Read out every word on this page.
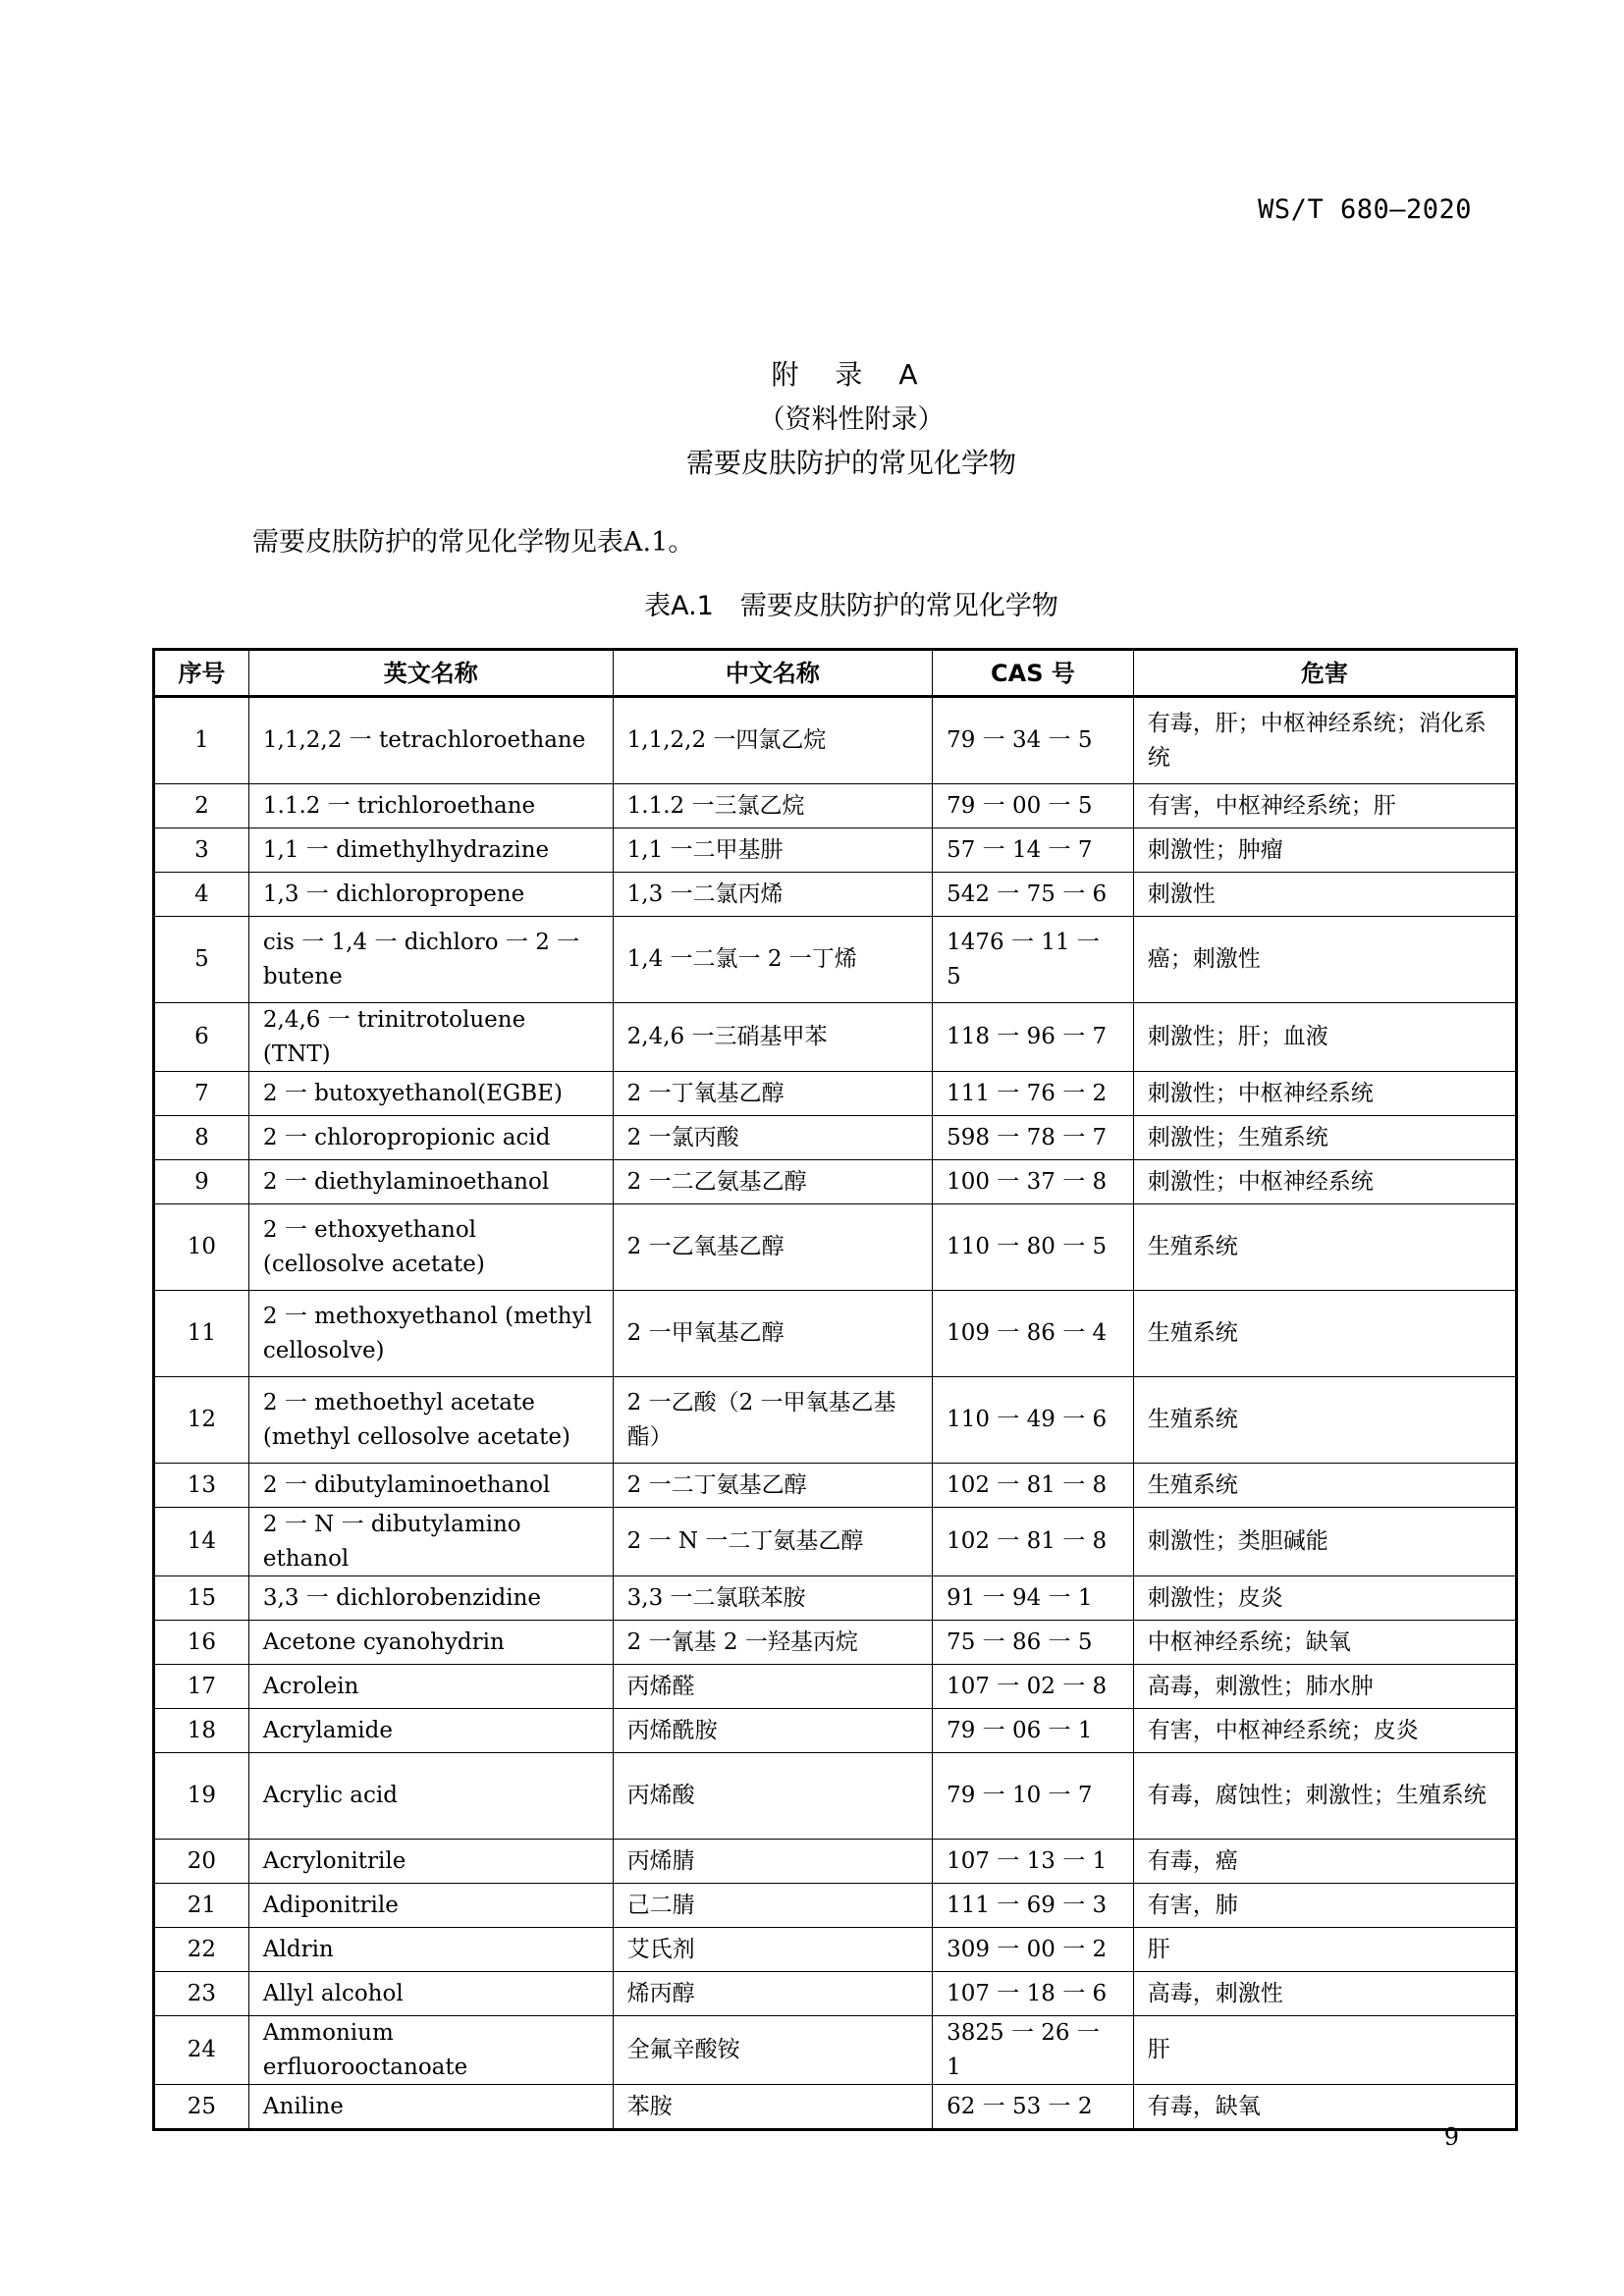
WS/T 680—2020
附 录 A
（资料性附录）
需要皮肤防护的常见化学物
需要皮肤防护的常见化学物见表A.1。
表A.1　需要皮肤防护的常见化学物
序号	英文名称	中文名称	CAS 号	危害
1	1,1,2,2 一 tetrachloroethane	1,1,2,2 一四氯乙烷	79 一 34 一 5	有毒，肝；中枢神经系统；消化系统
2	1.1.2 一 trichloroethane	1.1.2 一三氯乙烷	79 一 00 一 5	有害，中枢神经系统；肝
3	1,1 一 dimethylhydrazine	1,1 一二甲基肼	57 一 14 一 7	刺激性；肿瘤
4	1,3 一 dichloropropene	1,3 一二氯丙烯	542 一 75 一 6	刺激性
5	cis 一 1,4 一 dichloro 一 2 一 butene	1,4 一二氯一 2 一丁烯	1476 一 11 一 5	癌；刺激性
6	2,4,6 一 trinitrotoluene (TNT)	2,4,6 一三硝基甲苯	118 一 96 一 7	刺激性；肝；血液
7	2 一 butoxyethanol(EGBE)	2 一丁氧基乙醇	111 一 76 一 2	刺激性；中枢神经系统
8	2 一 chloropropionic acid	2 一氯丙酸	598 一 78 一 7	刺激性；生殖系统
9	2 一 diethylaminoethanol	2 一二乙氨基乙醇	100 一 37 一 8	刺激性；中枢神经系统
10	2 一 ethoxyethanol (cellosolve acetate)	2 一乙氧基乙醇	110 一 80 一 5	生殖系统
11	2 一 methoxyethanol (methyl cellosolve)	2 一甲氧基乙醇	109 一 86 一 4	生殖系统
12	2 一 methoethyl acetate (methyl cellosolve acetate)	2 一乙酸（2 一甲氧基乙基酯）	110 一 49 一 6	生殖系统
13	2 一 dibutylaminoethanol	2 一二丁氨基乙醇	102 一 81 一 8	生殖系统
14	2 一 N 一 dibutylamino ethanol	2 一 N 一二丁氨基乙醇	102 一 81 一 8	刺激性；类胆碱能
15	3,3 一 dichlorobenzidine	3,3 一二氯联苯胺	91 一 94 一 1	刺激性；皮炎
16	Acetone cyanohydrin	2 一氰基 2 一羟基丙烷	75 一 86 一 5	中枢神经系统；缺氧
17	Acrolein	丙烯醛	107 一 02 一 8	高毒，刺激性；肺水肿
18	Acrylamide	丙烯酰胺	79 一 06 一 1	有害，中枢神经系统；皮炎
19	Acrylic acid	丙烯酸	79 一 10 一 7	有毒，腐蚀性；刺激性；生殖系统
20	Acrylonitrile	丙烯腈	107 一 13 一 1	有毒，癌
21	Adiponitrile	己二腈	111 一 69 一 3	有害，肺
22	Aldrin	艾氏剂	309 一 00 一 2	肝
23	Allyl alcohol	烯丙醇	107 一 18 一 6	高毒，刺激性
24	Ammonium　erfluorooctanoate	全氟辛酸铵	3825 一 26 一 1	肝
25	Aniline	苯胺	62 一 53 一 2	有毒，缺氧
9
